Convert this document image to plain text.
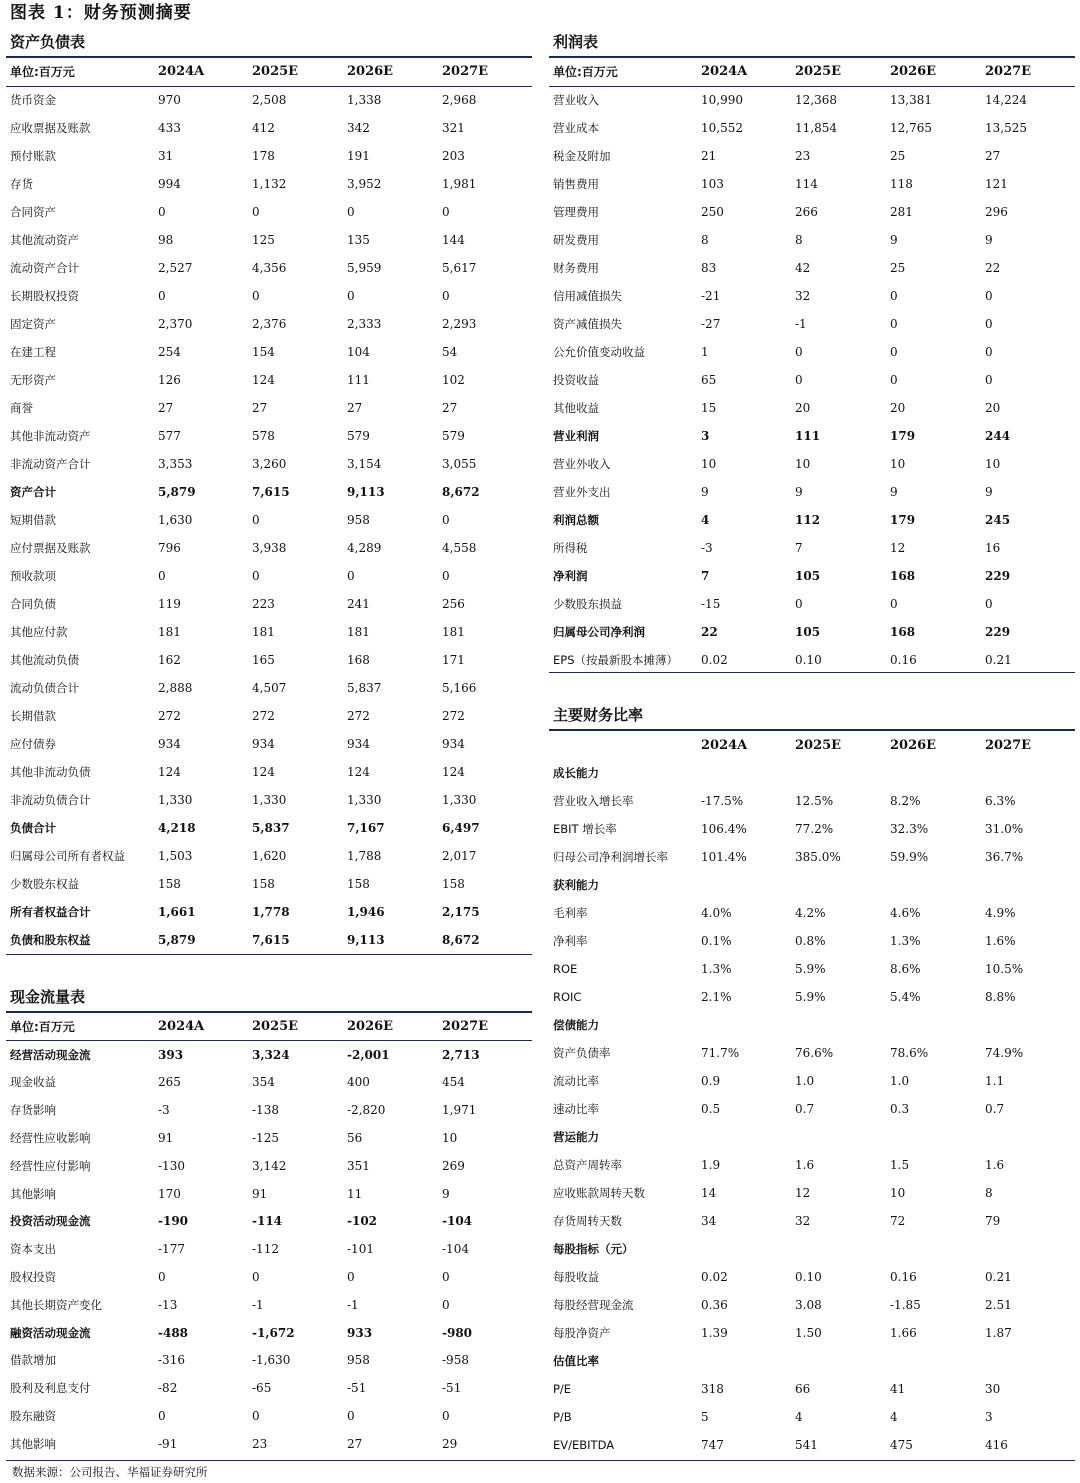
图表 1：财务预测摘要
资产负债表
单位:百万元	2024A	2025E	2026E	2027E
货币资金	970	2,508	1,338	2,968
应收票据及账款	433	412	342	321
预付账款	31	178	191	203
存货	994	1,132	3,952	1,981
合同资产	0	0	0	0
其他流动资产	98	125	135	144
流动资产合计	2,527	4,356	5,959	5,617
长期股权投资	0	0	0	0
固定资产	2,370	2,376	2,333	2,293
在建工程	254	154	104	54
无形资产	126	124	111	102
商誉	27	27	27	27
其他非流动资产	577	578	579	579
非流动资产合计	3,353	3,260	3,154	3,055
资产合计	5,879	7,615	9,113	8,672
短期借款	1,630	0	958	0
应付票据及账款	796	3,938	4,289	4,558
预收款项	0	0	0	0
合同负债	119	223	241	256
其他应付款	181	181	181	181
其他流动负债	162	165	168	171
流动负债合计	2,888	4,507	5,837	5,166
长期借款	272	272	272	272
应付债券	934	934	934	934
其他非流动负债	124	124	124	124
非流动负债合计	1,330	1,330	1,330	1,330
负债合计	4,218	5,837	7,167	6,497
归属母公司所有者权益	1,503	1,620	1,788	2,017
少数股东权益	158	158	158	158
所有者权益合计	1,661	1,778	1,946	2,175
负债和股东权益	5,879	7,615	9,113	8,672
利润表
单位:百万元	2024A	2025E	2026E	2027E
营业收入	10,990	12,368	13,381	14,224
营业成本	10,552	11,854	12,765	13,525
税金及附加	21	23	25	27
销售费用	103	114	118	121
管理费用	250	266	281	296
研发费用	8	8	9	9
财务费用	83	42	25	22
信用减值损失	-21	32	0	0
资产减值损失	-27	-1	0	0
公允价值变动收益	1	0	0	0
投资收益	65	0	0	0
其他收益	15	20	20	20
营业利润	3	111	179	244
营业外收入	10	10	10	10
营业外支出	9	9	9	9
利润总额	4	112	179	245
所得税	-3	7	12	16
净利润	7	105	168	229
少数股东损益	-15	0	0	0
归属母公司净利润	22	105	168	229
EPS（按最新股本摊薄）	0.02	0.10	0.16	0.21
主要财务比率
	2024A	2025E	2026E	2027E
成长能力				
营业收入增长率	-17.5%	12.5%	8.2%	6.3%
EBIT 增长率	106.4%	77.2%	32.3%	31.0%
归母公司净利润增长率	101.4%	385.0%	59.9%	36.7%
获利能力				
毛利率	4.0%	4.2%	4.6%	4.9%
净利率	0.1%	0.8%	1.3%	1.6%
ROE	1.3%	5.9%	8.6%	10.5%
ROIC	2.1%	5.9%	5.4%	8.8%
偿债能力				
资产负债率	71.7%	76.6%	78.6%	74.9%
流动比率	0.9	1.0	1.0	1.1
速动比率	0.5	0.7	0.3	0.7
营运能力				
总资产周转率	1.9	1.6	1.5	1.6
应收账款周转天数	14	12	10	8
存货周转天数	34	32	72	79
每股指标（元）				
每股收益	0.02	0.10	0.16	0.21
每股经营现金流	0.36	3.08	-1.85	2.51
每股净资产	1.39	1.50	1.66	1.87
估值比率				
P/E	318	66	41	30
P/B	5	4	4	3
EV/EBITDA	747	541	475	416
现金流量表
单位:百万元	2024A	2025E	2026E	2027E
经营活动现金流	393	3,324	-2,001	2,713
现金收益	265	354	400	454
存货影响	-3	-138	-2,820	1,971
经营性应收影响	91	-125	56	10
经营性应付影响	-130	3,142	351	269
其他影响	170	91	11	9
投资活动现金流	-190	-114	-102	-104
资本支出	-177	-112	-101	-104
股权投资	0	0	0	0
其他长期资产变化	-13	-1	-1	0
融资活动现金流	-488	-1,672	933	-980
借款增加	-316	-1,630	958	-958
股利及利息支付	-82	-65	-51	-51
股东融资	0	0	0	0
其他影响	-91	23	27	29
数据来源：公司报告、华福证券研究所
